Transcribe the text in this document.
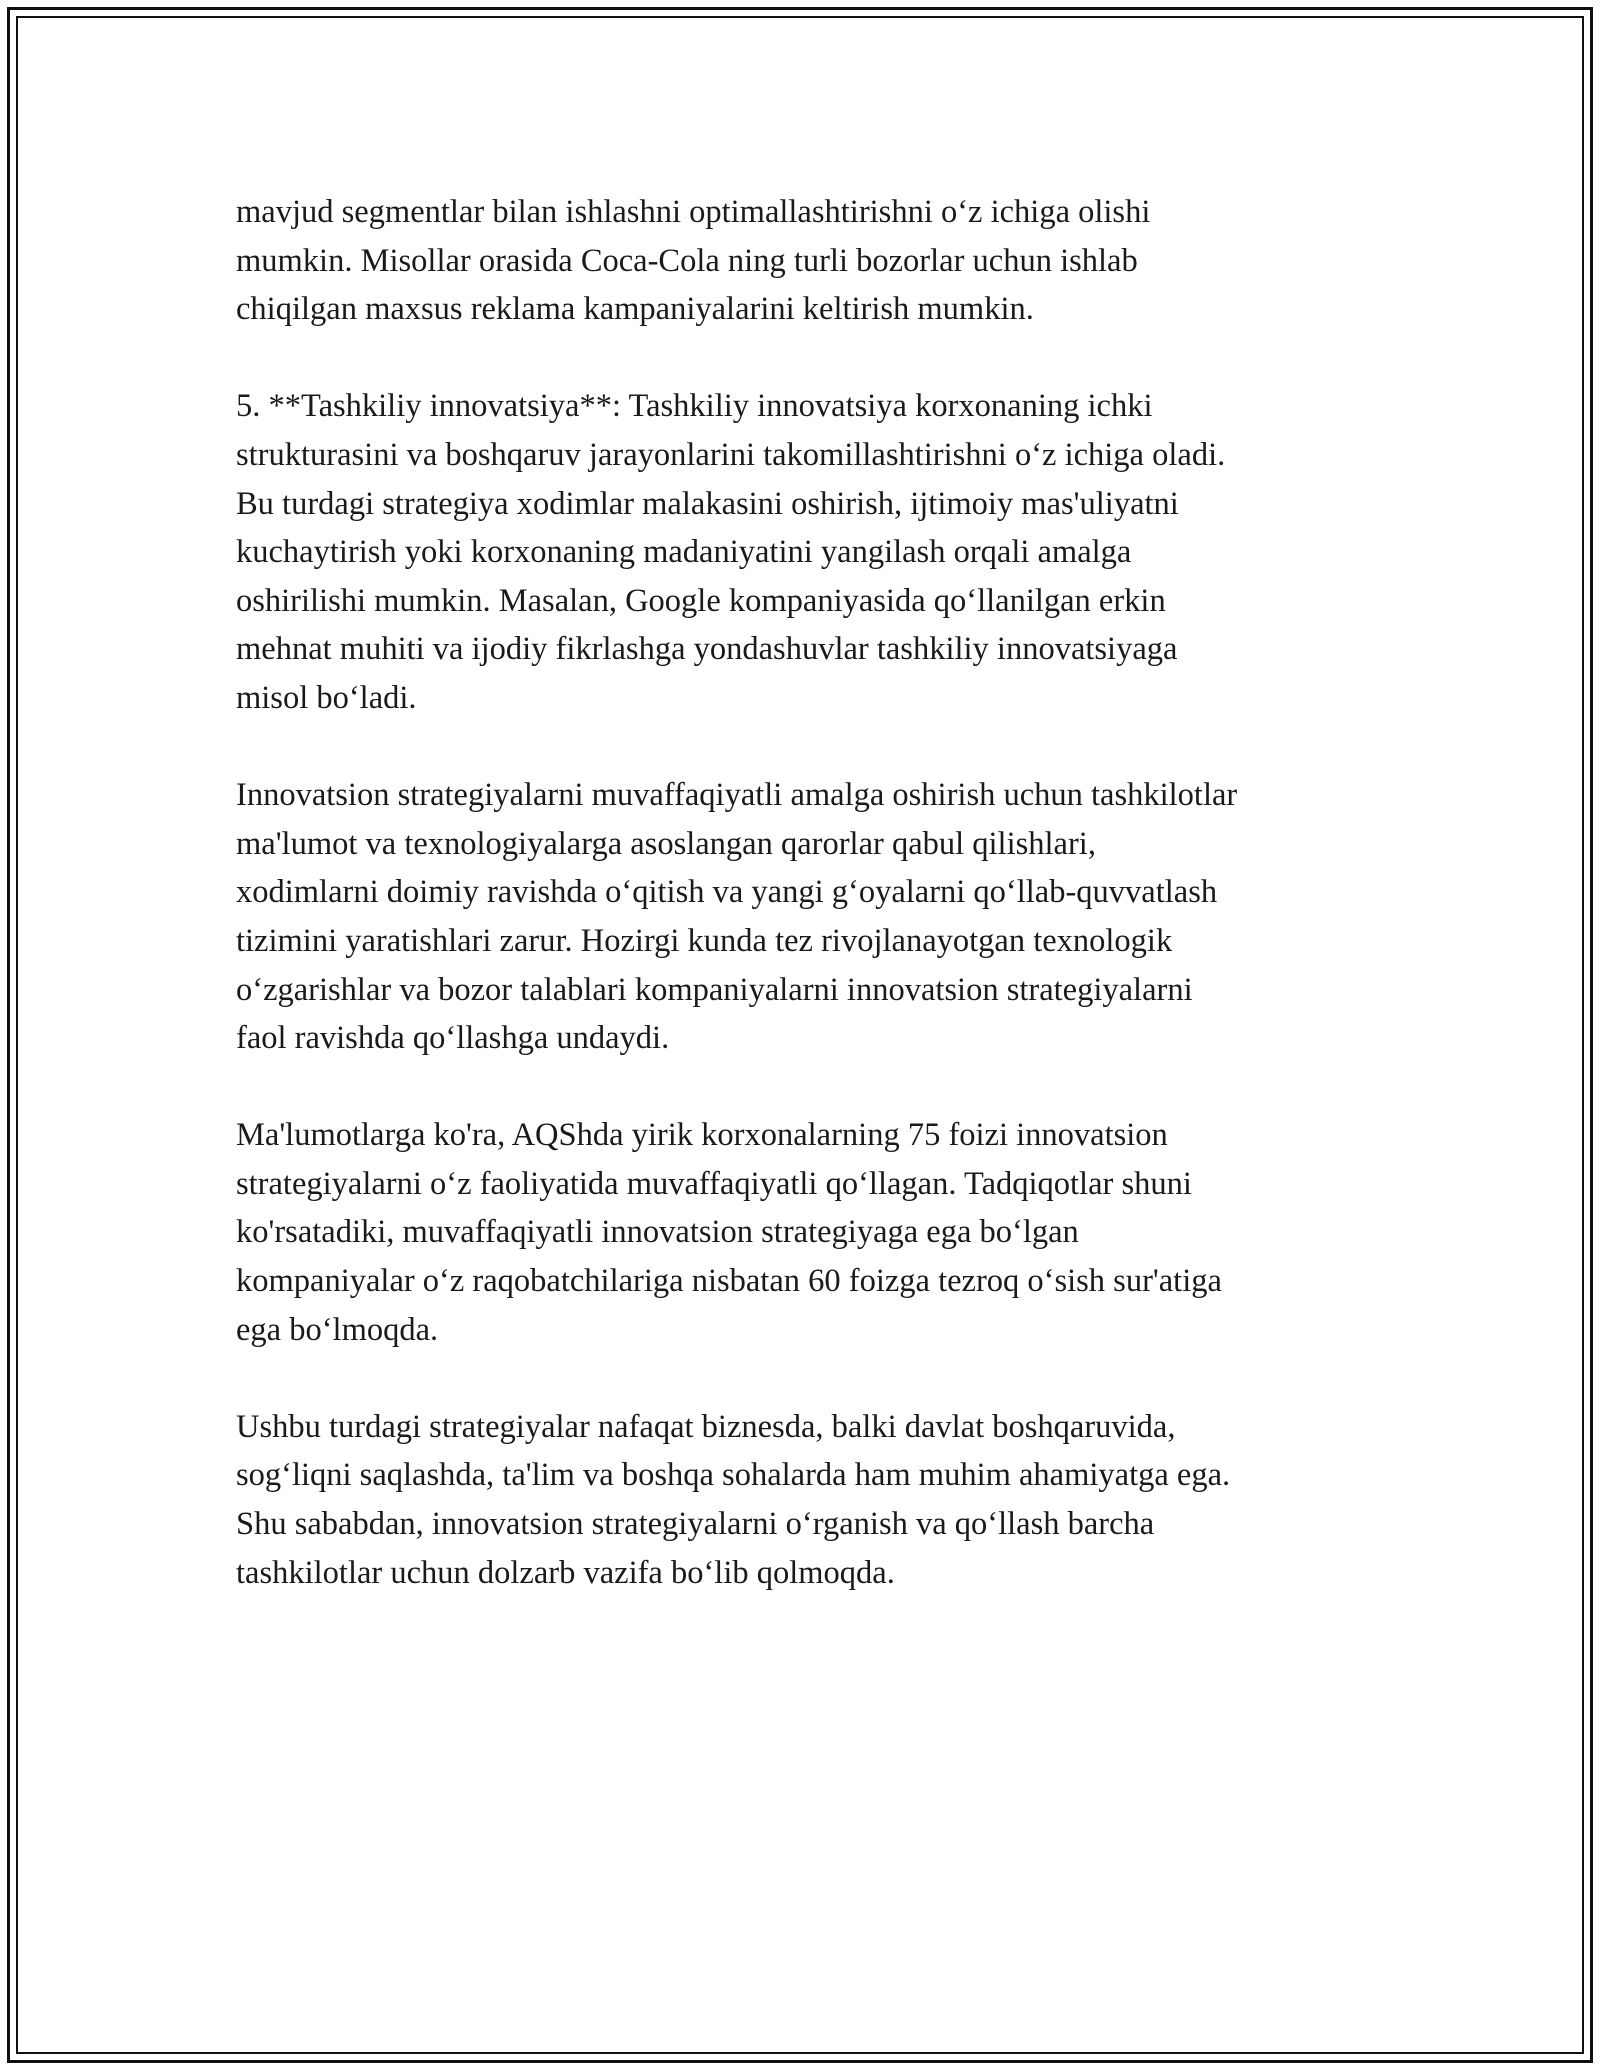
mavjud segmentlar bilan ishlashni optimallashtirishni o‘z ichiga olishi
mumkin. Misollar orasida Coca-Cola ning turli bozorlar uchun ishlab
chiqilgan maxsus reklama kampaniyalarini keltirish mumkin.

5. **Tashkiliy innovatsiya**: Tashkiliy innovatsiya korxonaning ichki
strukturasini va boshqaruv jarayonlarini takomillashtirishni o‘z ichiga oladi.
Bu turdagi strategiya xodimlar malakasini oshirish, ijtimoiy mas'uliyatni
kuchaytirish yoki korxonaning madaniyatini yangilash orqali amalga
oshirilishi mumkin. Masalan, Google kompaniyasida qo‘llanilgan erkin
mehnat muhiti va ijodiy fikrlashga yondashuvlar tashkiliy innovatsiyaga
misol bo‘ladi.

Innovatsion strategiyalarni muvaffaqiyatli amalga oshirish uchun tashkilotlar
ma'lumot va texnologiyalarga asoslangan qarorlar qabul qilishlari,
xodimlarni doimiy ravishda o‘qitish va yangi g‘oyalarni qo‘llab-quvvatlash
tizimini yaratishlari zarur. Hozirgi kunda tez rivojlanayotgan texnologik
o‘zgarishlar va bozor talablari kompaniyalarni innovatsion strategiyalarni
faol ravishda qo‘llashga undaydi.

Ma'lumotlarga ko'ra, AQShda yirik korxonalarning 75 foizi innovatsion
strategiyalarni o‘z faoliyatida muvaffaqiyatli qo‘llagan. Tadqiqotlar shuni
ko'rsatadiki, muvaffaqiyatli innovatsion strategiyaga ega bo‘lgan
kompaniyalar o‘z raqobatchilariga nisbatan 60 foizga tezroq o‘sish sur'atiga
ega bo‘lmoqda.

Ushbu turdagi strategiyalar nafaqat biznesda, balki davlat boshqaruvida,
sog‘liqni saqlashda, ta'lim va boshqa sohalarda ham muhim ahamiyatga ega.
Shu sababdan, innovatsion strategiyalarni o‘rganish va qo‘llash barcha
tashkilotlar uchun dolzarb vazifa bo‘lib qolmoqda.
